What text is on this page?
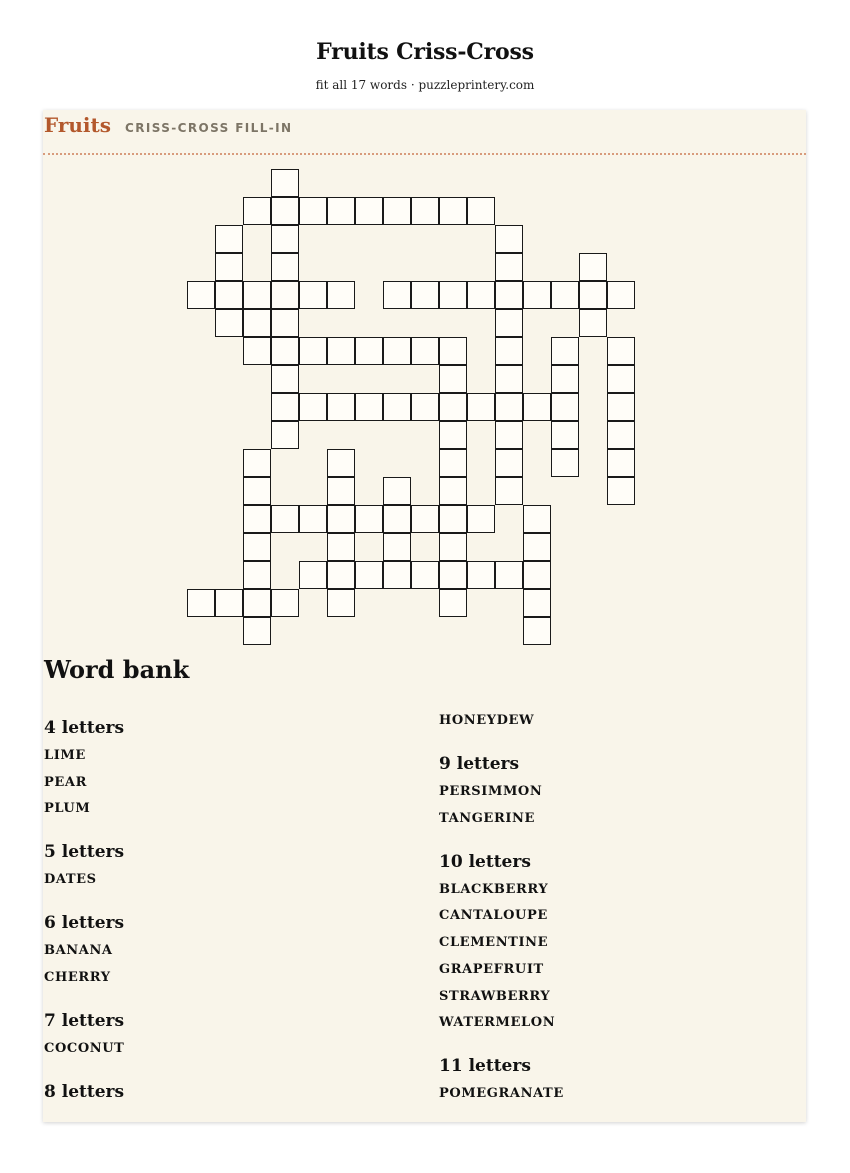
Fruits Criss-Cross
fit all 17 words · puzzleprintery.com
Fruits CRISS-CROSS FILL-IN
Word bank
4 letters
LIME
PEAR
PLUM
5 letters
DATES
6 letters
BANANA
CHERRY
7 letters
COCONUT
8 letters
HONEYDEW
9 letters
PERSIMMON
TANGERINE
10 letters
BLACKBERRY
CANTALOUPE
CLEMENTINE
GRAPEFRUIT
STRAWBERRY
WATERMELON
11 letters
POMEGRANATE
